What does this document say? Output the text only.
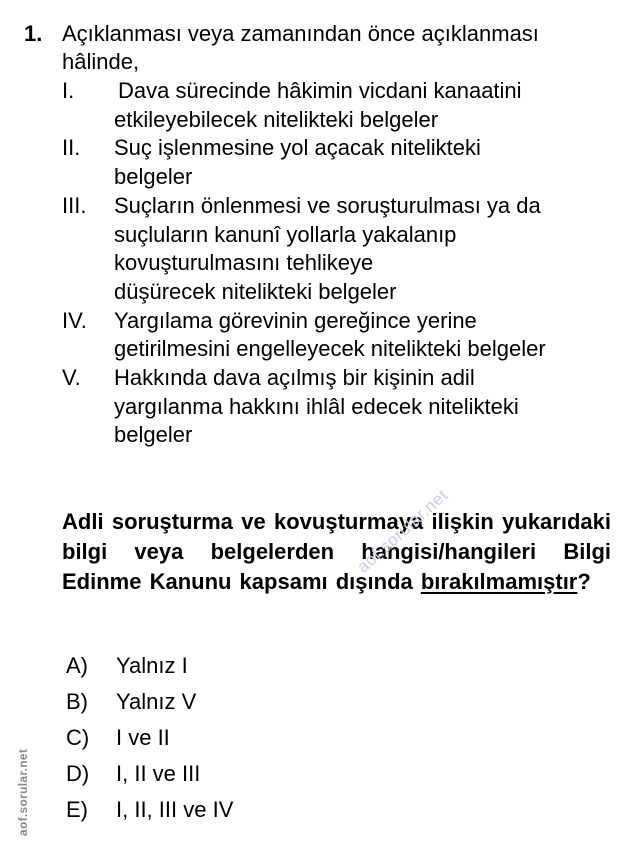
1. Açıklanması veya zamanından önce açıklanması
hâlinde,
I. Dava sürecinde hâkimin vicdani kanaatini
etkileyebilecek nitelikteki belgeler
II. Suç işlenmesine yol açacak nitelikteki
belgeler
III. Suçların önlenmesi ve soruşturulması ya da
suçluların kanunî yollarla yakalanıp
kovuşturulmasını tehlikeye
düşürecek nitelikteki belgeler
IV. Yargılama görevinin gereğince yerine
getirilmesini engelleyecek nitelikteki belgeler
V. Hakkında dava açılmış bir kişinin adil
yargılanma hakkını ihlâl edecek nitelikteki
belgeler
Adli soruşturma ve kovuşturmaya ilişkin yukarıdaki bilgi veya belgelerden hangisi/hangileri Bilgi Edinme Kanunu kapsamı dışında bırakılmamıştır?
A) Yalnız I
B) Yalnız V
C) I ve II
D) I, II ve III
E) I, II, III ve IV
aof.sorular.net
aof.sorular.net
